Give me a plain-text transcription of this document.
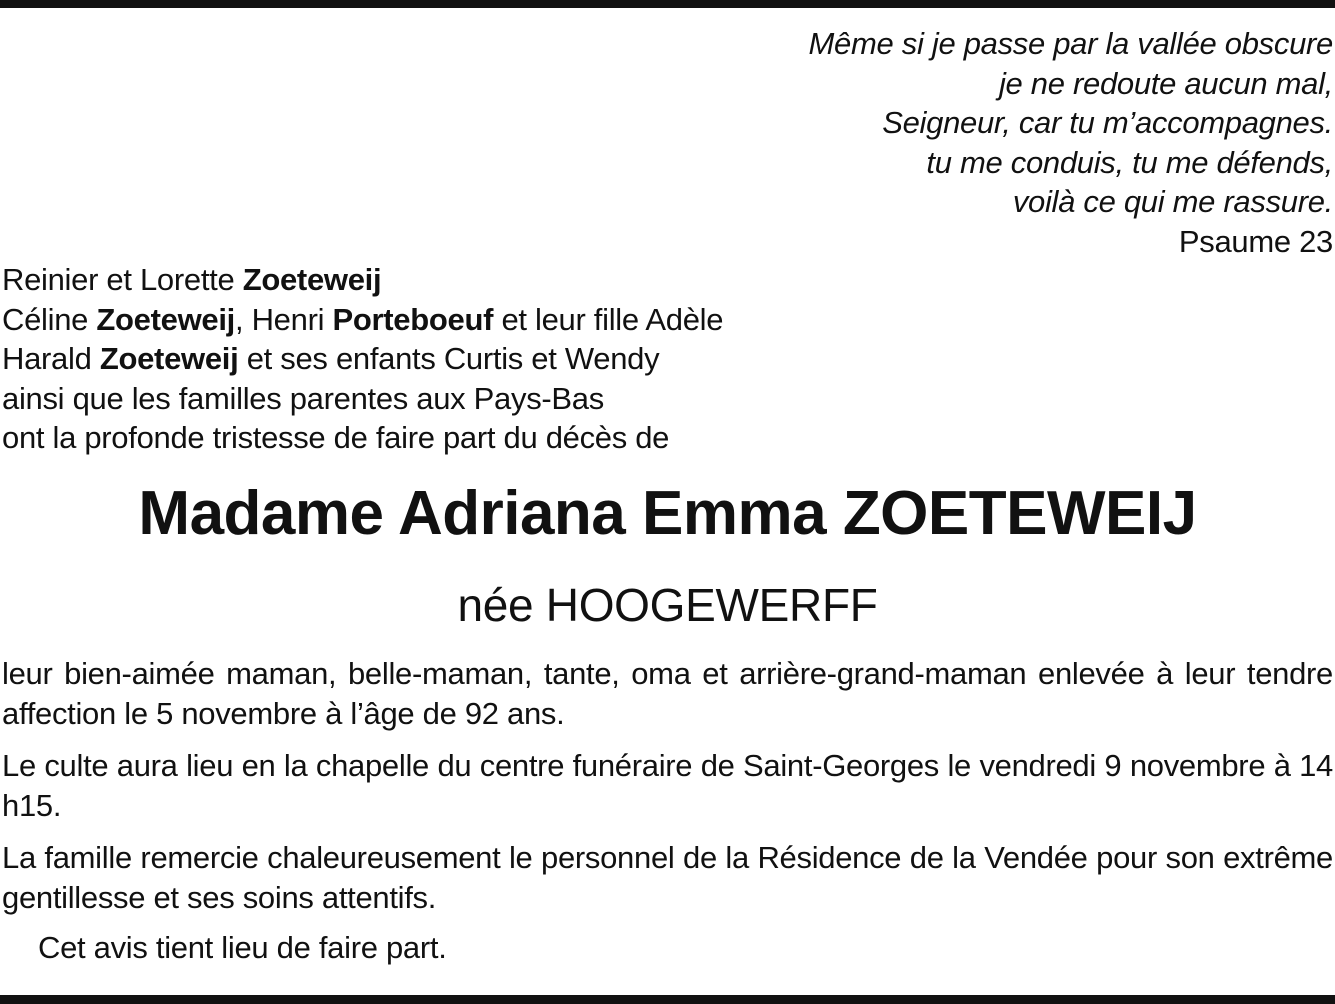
Même si je passe par la vallée obscure
je ne redoute aucun mal,
Seigneur, car tu m’accompagnes.
tu me conduis, tu me défends,
voilà ce qui me rassure.
Psaume 23
Reinier et Lorette Zoeteweij
Céline Zoeteweij, Henri Porteboeuf et leur fille Adèle
Harald Zoeteweij et ses enfants Curtis et Wendy
ainsi que les familles parentes aux Pays-Bas
ont la profonde tristesse de faire part du décès de
Madame Adriana Emma ZOETEWEIJ
née HOOGEWERFF
leur bien-aimée maman, belle-maman, tante, oma et arrière-grand-maman enlevée à leur tendre affection le 5 novembre à l’âge de 92 ans.
Le culte aura lieu en la chapelle du centre funéraire de Saint-Georges le vendredi 9 novembre à 14 h15.
La famille remercie chaleureusement le personnel de la Résidence de la Vendée pour son extrême gentillesse et ses soins attentifs.
Cet avis tient lieu de faire part.
